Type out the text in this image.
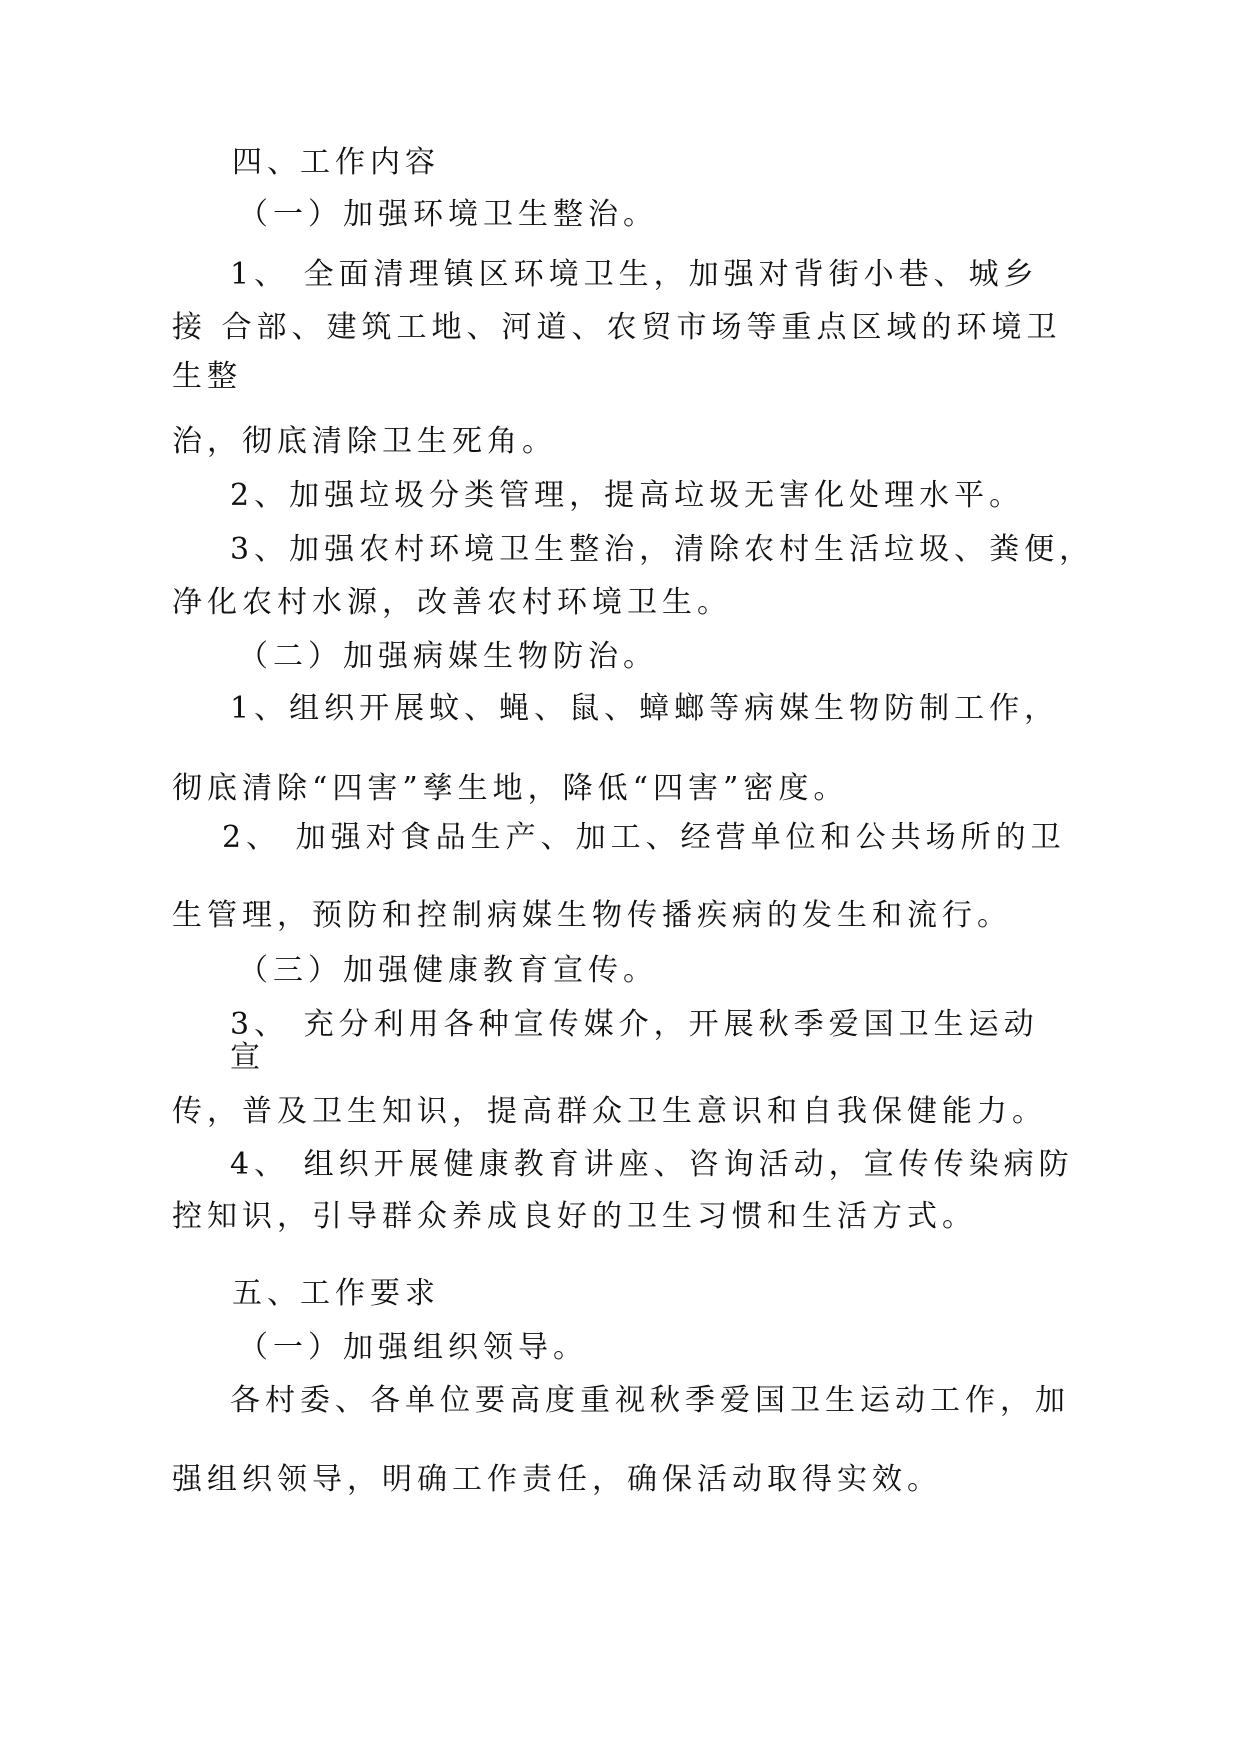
四、
工作内容
（一）加强环境卫生整治。
1、 全面清理镇区环境卫生，加强对背街小巷、城乡
接 合部、建筑工地、河道、农贸市场等重点区域的环境卫
生整
治，彻底清除卫生死角。
2、加强垃圾分类管理，提高垃圾无害化处理水平。
3、加强农村环境卫生整治，清除农村生活垃圾、粪便，
净化农村水源，改善农村环境卫生。
（二）加强病媒生物防治。
1、组织开展蚊、蝇、鼠、蟑螂等病媒生物防制工作，
彻底清除“四害”孳生地，降低“四害”密度。
2、 加强对食品生产、加工、经营单位和公共场所的卫
生管理，预防和控制病媒生物传播疾病的发生和流行。
（三）加强健康教育宣传。
3、 充分利用各种宣传媒介，开展秋季爱国卫生运动
宣
传，普及卫生知识，提高群众卫生意识和自我保健能力。
4、 组织开展健康教育讲座、咨询活动，宣传传染病防
控知识，引导群众养成良好的卫生习惯和生活方式。
五、
工作要求
（一）加强组织领导。
各村委、各单位要高度重视秋季爱国卫生运动工作，加
强组织领导，明确工作责任，确保活动取得实效。
